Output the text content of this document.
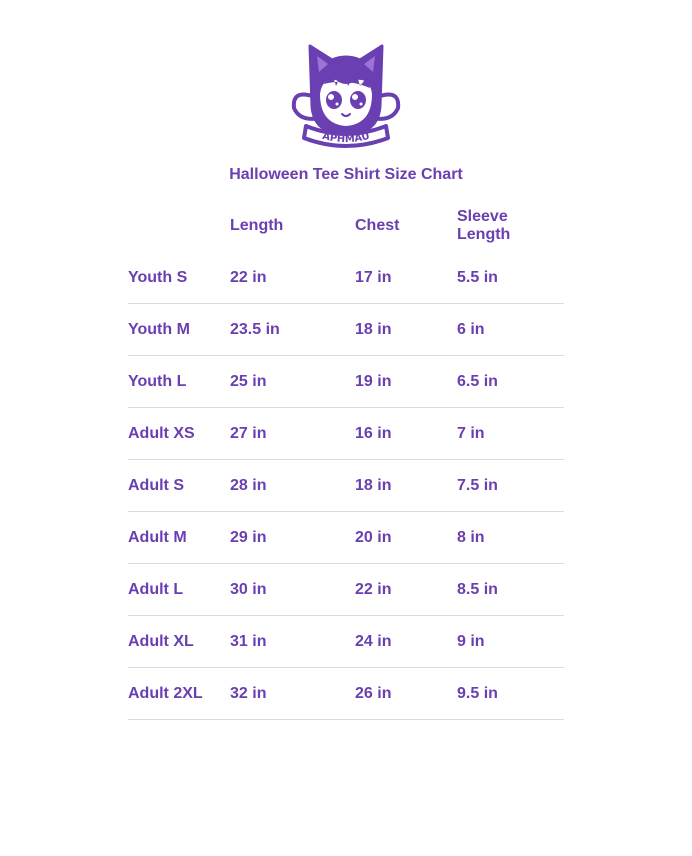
APHMAU
Halloween Tee Shirt Size Chart
	Length	Chest	Sleeve Length
Youth S	22 in	17 in	5.5 in
Youth M	23.5 in	18 in	6 in
Youth L	25 in	19 in	6.5 in
Adult XS	27 in	16 in	7 in
Adult S	28 in	18 in	7.5 in
Adult M	29 in	20 in	8 in
Adult L	30 in	22 in	8.5 in
Adult XL	31 in	24 in	9 in
Adult 2XL	32 in	26 in	9.5 in
